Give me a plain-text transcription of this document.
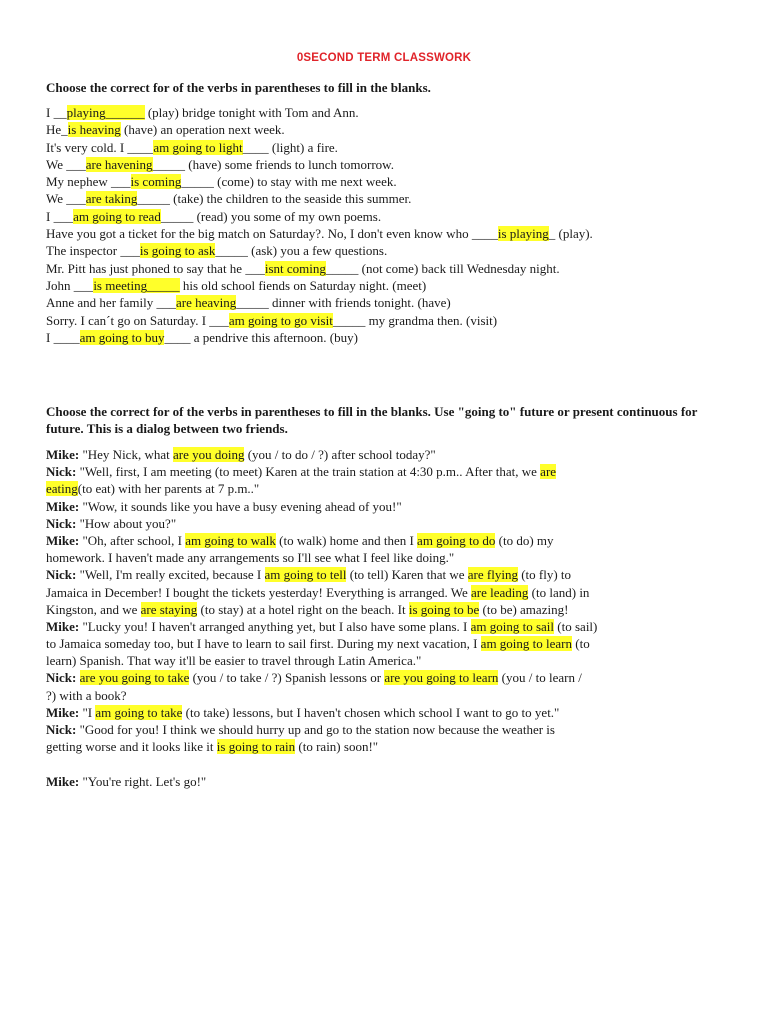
0SECOND TERM CLASSWORK
Choose the correct for of the verbs in parentheses to fill in the blanks.
I __playing______ (play) bridge tonight with Tom and Ann.
He_is heaving (have) an operation next week.
It's very cold. I ____am going to light____ (light) a fire.
We ___are havening_____ (have) some friends to lunch tomorrow.
My nephew ___is coming_____ (come) to stay with me next week.
We ___are taking_____ (take) the children to the seaside this summer.
I ___am going to read_____ (read) you some of my own poems.
Have you got a ticket for the big match on Saturday?. No, I don't even know who ____is playing_ (play).
The inspector ___is going to ask_____ (ask) you a few questions.
Mr. Pitt has just phoned to say that he ___isnt coming_____ (not come) back till Wednesday night.
John ___is meeting_____ his old school fiends on Saturday night. (meet)
Anne and her family ___are heaving_____ dinner with friends tonight. (have)
Sorry. I can´t go on Saturday. I ___am going to go visit_____ my grandma then. (visit)
I ____am going to buy____ a pendrive this afternoon. (buy)
Choose the correct for of the verbs in parentheses to fill in the blanks. Use "going to" future or present continuous for future. This is a dialog between two friends.
Mike: "Hey Nick, what are you doing (you / to do / ?) after school today?"
Nick: "Well, first, I am meeting (to meet) Karen at the train station at 4:30 p.m.. After that, we are
eating(to eat) with her parents at 7 p.m.."
Mike: "Wow, it sounds like you have a busy evening ahead of you!"
Nick: "How about you?"
Mike: "Oh, after school, I am going to walk (to walk) home and then I am going to do (to do) my
homework. I haven't made any arrangements so I'll see what I feel like doing."
Nick: "Well, I'm really excited, because I am going to tell (to tell) Karen that we are flying (to fly) to
Jamaica in December! I bought the tickets yesterday! Everything is arranged. We are leading (to land) in
Kingston, and we are staying (to stay) at a hotel right on the beach. It is going to be (to be) amazing!
Mike: "Lucky you! I haven't arranged anything yet, but I also have some plans. I am going to sail (to sail)
to Jamaica someday too, but I have to learn to sail first. During my next vacation, I am going to learn (to
learn) Spanish. That way it'll be easier to travel through Latin America."
Nick: are you going to take (you / to take / ?) Spanish lessons or are you going to learn (you / to learn /
?) with a book?
Mike: "I am going to take (to take) lessons, but I haven't chosen which school I want to go to yet."
Nick: "Good for you! I think we should hurry up and go to the station now because the weather is
getting worse and it looks like it is going to rain (to rain) soon!"
Mike: "You're right. Let's go!"
